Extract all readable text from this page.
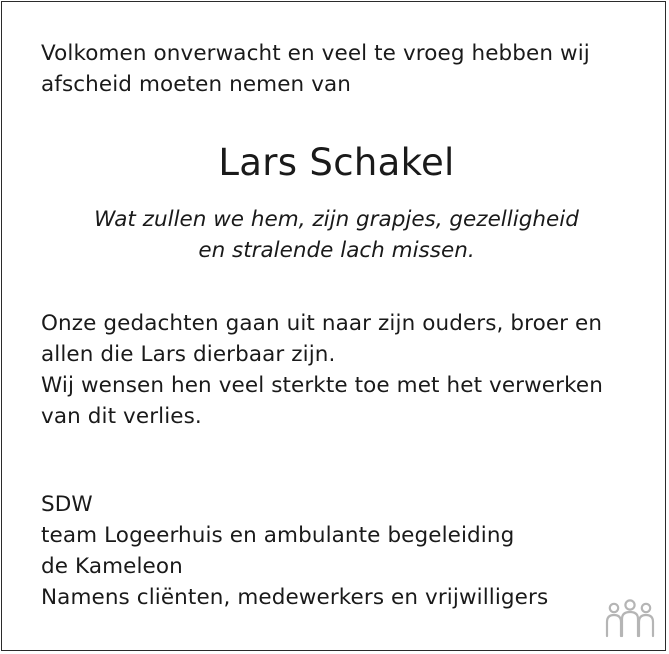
Volkomen onverwacht en veel te vroeg hebben wij
afscheid moeten nemen van

Lars Schakel
Wat zullen we hem, zijn grapjes, gezelligheid
en stralende lach missen.

Onze gedachten gaan uit naar zijn ouders, broer en
allen die Lars dierbaar zijn.
Wij wensen hen veel sterkte toe met het verwerken
van dit verlies.

SDW
team Logeerhuis en ambulante begeleiding
de Kameleon
Namens cliënten, medewerkers en vrijwilligers
